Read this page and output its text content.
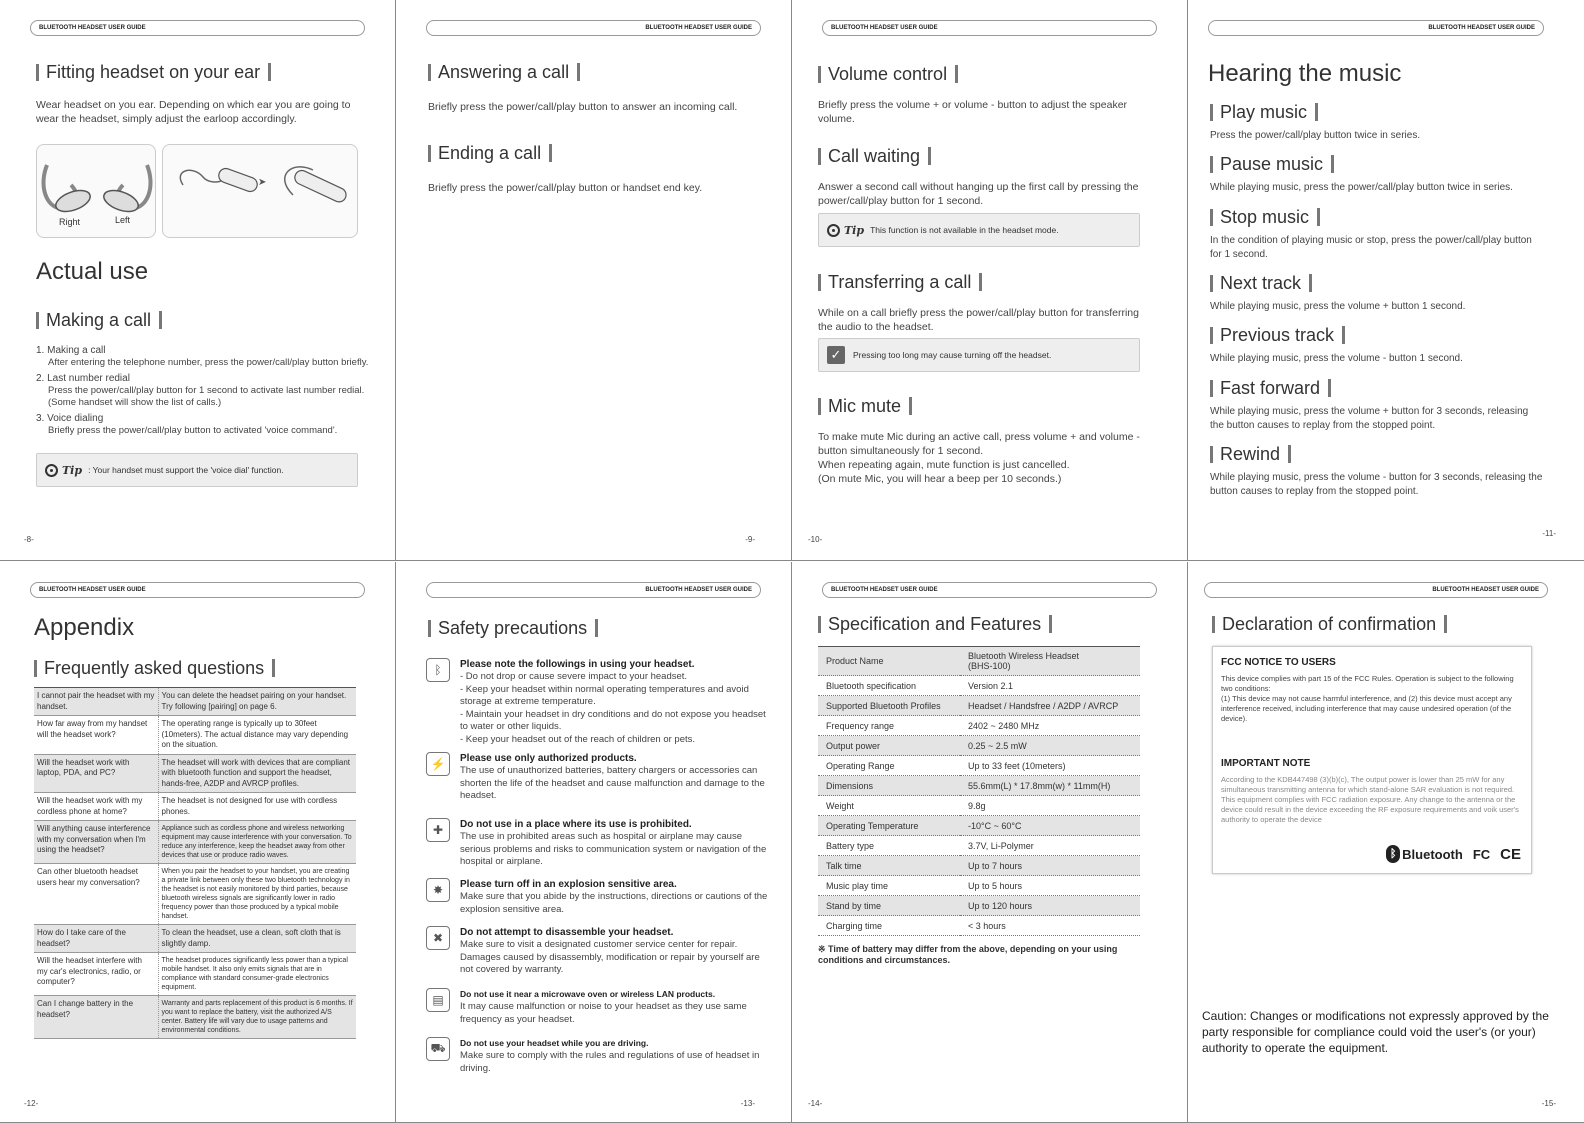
BLUETOOTH HEADSET USER GUIDE
Fitting headset on your ear
Wear headset on you ear. Depending on which ear you are going to wear the headset, simply adjust the earloop accordingly.
Right	Left
➤
Actual use
Making a call
1. Making a call
After entering the telephone number, press the power/call/play button briefly.
2. Last number redial
Press the power/call/play button for 1 second to activate last number redial. (Some handset will show the list of calls.)
3. Voice dialing
Briefly press the power/call/play button to activated 'voice command'.
Tip : Your handset must support the 'voice dial' function.
-8-
BLUETOOTH HEADSET USER GUIDE
Answering a call
Briefly press the power/call/play button to answer an incoming call.
Ending a call
Briefly press the power/call/play button or handset end key.
-9-
BLUETOOTH HEADSET USER GUIDE
Volume control
Briefly press the volume + or volume - button to adjust the speaker volume.
Call waiting
Answer a second call without hanging up the first call by pressing the power/call/play button for 1 second.
Tip This function is not available in the headset mode.
Transferring a call
While on a call briefly press the power/call/play button for transferring the audio to the headset.
✓	Pressing too long may cause turning off the headset.
Mic mute
To make mute Mic during an active call, press volume + and volume - button simultaneously for 1 second.
When repeating again, mute function is just cancelled.
(On mute Mic, you will hear a beep per 10 seconds.)
-10-
BLUETOOTH HEADSET USER GUIDE
Hearing the music
Play music
Press the power/call/play button twice in series.
Pause music
While playing music, press the power/call/play button twice in series.
Stop music
In the condition of playing music or stop, press the power/call/play button for 1 second.
Next track
While playing music, press the volume + button 1 second.
Previous track
While playing music, press the volume - button 1 second.
Fast forward
While playing music, press the volume + button for 3 seconds, releasing the button causes to replay from the stopped point.
Rewind
While playing music, press the volume - button for 3 seconds, releasing the button causes to replay from the stopped point.
-11-
BLUETOOTH HEADSET USER GUIDE
Appendix
Frequently asked questions
I cannot pair the headset with my handset.	You can delete the headset pairing on your handset. Try following [pairing] on page 6.
How far away from my handset will the headset work?	The operating range is typically up to 30feet (10meters). The actual distance may vary depending on the situation.
Will the headset work with laptop, PDA, and PC?	The headset will work with devices that are compliant with bluetooth function and support the headset, hands-free, A2DP and AVRCP profiles.
Will the headset work with my cordless phone at home?	The headset is not designed for use with cordless phones.
Will anything cause interference with my conversation when I'm using the headset?	Appliance such as cordless phone and wireless networking equipment may cause interference with your conversation. To reduce any interference, keep the headset away from other devices that use or produce radio waves.
Can other bluetooth headset users hear my conversation?	When you pair the headset to your handset, you are creating a private link between only these two bluetooth technology in the headset is not easily monitored by third parties, because bluetooth wireless signals are significantly lower in radio frequency power than those produced by a typical mobile handset.
How do I take care of the headset?	To clean the headset, use a clean, soft cloth that is slightly damp.
Will the headset interfere with my car's electronics, radio, or computer?	The headset produces significantly less power than a typical mobile handset. It also only emits signals that are in compliance with standard consumer-grade electronics equipment.
Can I change battery in the headset?	Warranty and parts replacement of this product is 6 months. If you want to replace the battery, visit the authorized A/S center. Battery life will vary due to usage patterns and environmental conditions.
-12-
BLUETOOTH HEADSET USER GUIDE
Safety precautions
ᛒ	Please note the followings in using your headset.
- Do not drop or cause severe impact to your headset.
- Keep your headset within normal operating temperatures and avoid storage at extreme temperature.
- Maintain your headset in dry conditions and do not expose you headset to water or other liquids.
- Keep your headset out of the reach of children or pets.
⚡	Please use only authorized products.
The use of unauthorized batteries, battery chargers or accessories can shorten the life of the headset and cause malfunction and damage to the headset.
✚	Do not use in a place where its use is prohibited.
The use in prohibited areas such as hospital or airplane may cause serious problems and risks to communication system or navigation of the hospital or airplane.
✸	Please turn off in an explosion sensitive area.
Make sure that you abide by the instructions, directions or cautions of the explosion sensitive area.
✖	Do not attempt to disassemble your headset.
Make sure to visit a designated customer service center for repair. Damages caused by disassembly, modification or repair by yourself are not covered by warranty.
▤	Do not use it near a microwave oven or wireless LAN products.
It may cause malfunction or noise to your headset as they use same frequency as your headset.
⛟	Do not use your headset while you are driving.
Make sure to comply with the rules and regulations of use of headset in driving.
-13-
BLUETOOTH HEADSET USER GUIDE
Specification and Features
Product Name	Bluetooth Wireless Headset
(BHS-100)

Bluetooth specification	Version 2.1
Supported Bluetooth Profiles	Headset / Handsfree / A2DP / AVRCP
Frequency range	2402 ~ 2480 MHz
Output power	0.25 ~ 2.5 mW
Operating Range	Up to 33 feet (10meters)
Dimensions	55.6mm(L) * 17.8mm(w) * 11mm(H)
Weight	9.8g
Operating Temperature	-10°C ~ 60°C
Battery type	3.7V, Li-Polymer
Talk time	Up to 7 hours
Music play time	Up to 5 hours
Stand by time	Up to 120 hours
Charging time	< 3 hours
※ Time of battery may differ from the above, depending on your using conditions and circumstances.
-14-
BLUETOOTH HEADSET USER GUIDE
Declaration of confirmation
FCC NOTICE TO USERS
This device complies with part 15 of the FCC Rules. Operation is subject to the following two conditions:
(1) This device may not cause harmful interference, and (2) this device must accept any interference received, including interference that may cause undesired operation (of the device).
IMPORTANT NOTE
According to the KDB447498 (3)(b)(c), The output power is lower than 25 mW for any simultaneous transmitting antenna for which stand-alone SAR evaluation is not required. This equipment complies with FCC radiation exposure. Any change to the antenna or the device could result in the device exceeding the RF exposure requirements and voik user's authority to operate the device
ᛒ Bluetooth FC CE
Caution: Changes or modifications not expressly approved by the party responsible for compliance could void the user's (or your) authority to operate the equipment.
-15-
